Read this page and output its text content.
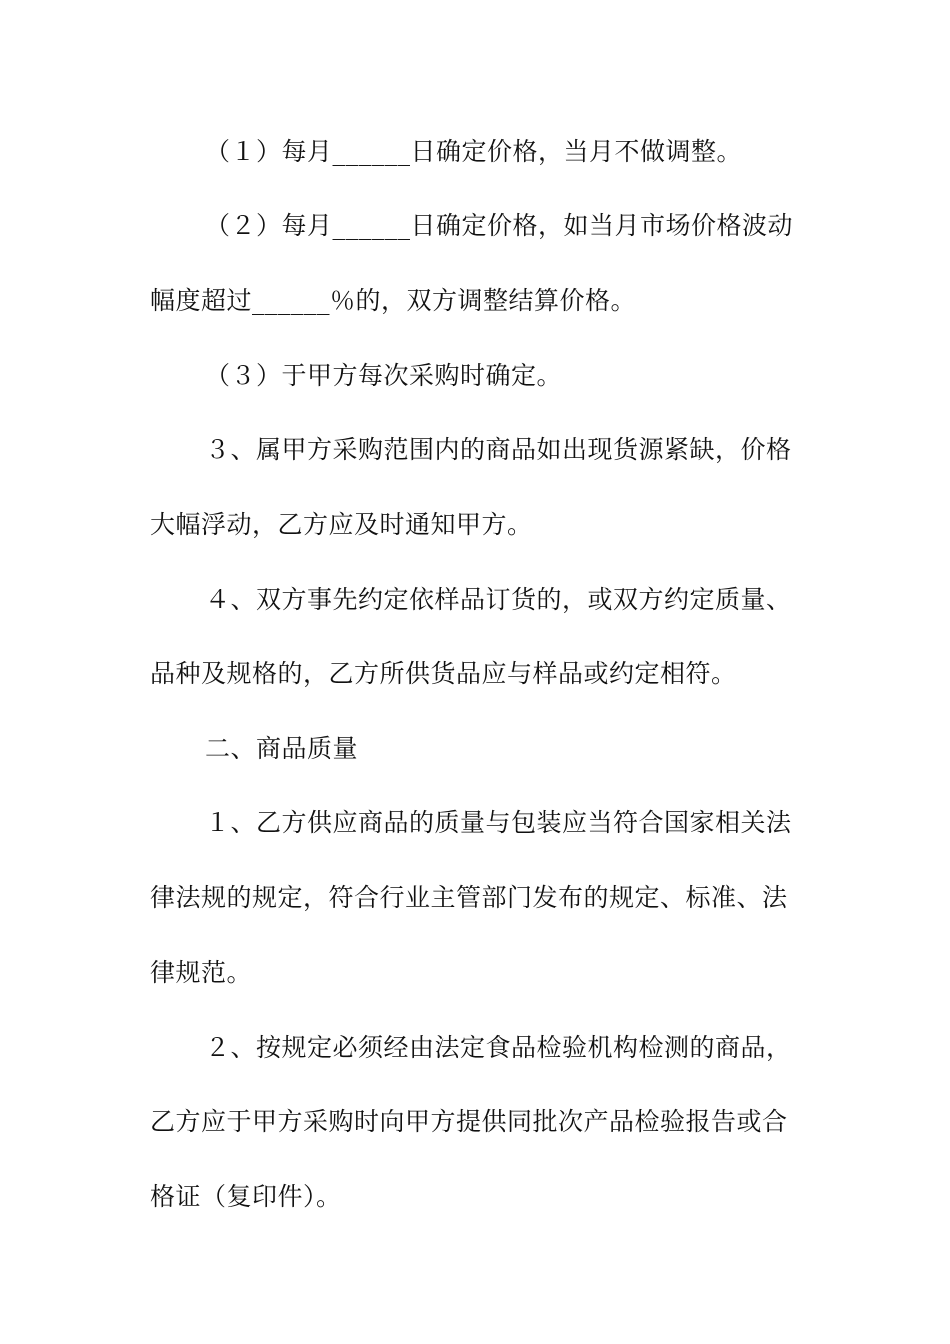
（１）每月______日确定价格，当月不做调整。

（２）每月______日确定价格，如当月市场价格波动

幅度超过______％的，双方调整结算价格。

（３）于甲方每次采购时确定。

３、属甲方采购范围内的商品如出现货源紧缺，价格

大幅浮动，乙方应及时通知甲方。

４、双方事先约定依样品订货的，或双方约定质量、

品种及规格的，乙方所供货品应与样品或约定相符。

二、商品质量

１、乙方供应商品的质量与包装应当符合国家相关法

律法规的规定，符合行业主管部门发布的规定、标准、法

律规范。

２、按规定必须经由法定食品检验机构检测的商品，

乙方应于甲方采购时向甲方提供同批次产品检验报告或合

格证（复印件）。
